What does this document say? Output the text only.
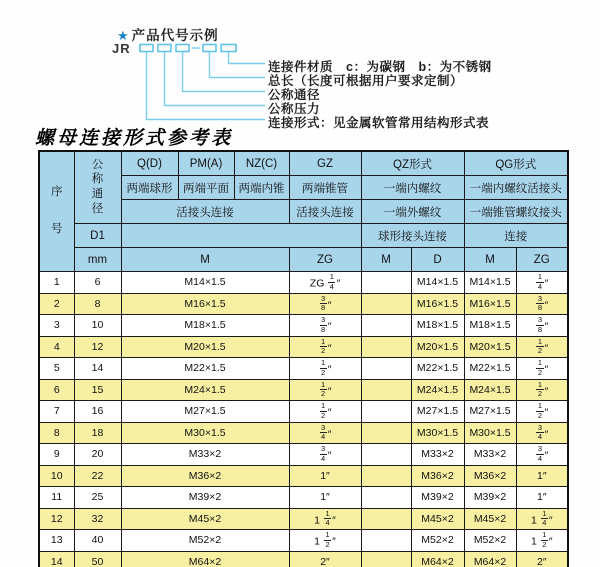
★ 产品代号示例
JR
连接件材质　c：为碳钢　b：为不锈钢
总长（长度可根据用户要求定制）
公称通径
公称压力
连接形式：见金属软管常用结构形式表
螺母连接形式参考表
序
号

公
称
通
径
	Q(D)	PM(A)	NZ(C)	GZ	QZ形式	QG形式
		两端球形	两端平面	两端内锥	两端锥管	一端内螺纹		一端内螺纹活接头	
		活接头连接			活接头连接	一端外螺纹		一端锥管螺纹接头	
	D1					球形接头连接		连接	
	mm	M			ZG	M	D	M	ZG
1	6	M14×1.5			ZG $\frac{1}{4}$ ″		M14×1.5	M14×1.5	$\frac{1}{4}$ ″
2	8	M16×1.5			$\frac{3}{8}$ ″		M16×1.5	M16×1.5	$\frac{3}{8}$ ″
3	10	M18×1.5			$\frac{3}{8}$ ″		M18×1.5	M18×1.5	$\frac{3}{8}$ ″
4	12	M20×1.5			$\frac{1}{2}$ ″		M20×1.5	M20×1.5	$\frac{1}{2}$ ″
5	14	M22×1.5			$\frac{1}{2}$ ″		M22×1.5	M22×1.5	$\frac{1}{2}$ ″
6	15	M24×1.5			$\frac{1}{2}$ ″		M24×1.5	M24×1.5	$\frac{1}{2}$ ″
7	16	M27×1.5			$\frac{1}{2}$ ″		M27×1.5	M27×1.5	$\frac{1}{2}$ ″
8	18	M30×1.5			$\frac{3}{4}$ ″		M30×1.5	M30×1.5	$\frac{3}{4}$ ″
9	20	M33×2			$\frac{3}{4}$ ″		M33×2	M33×2	$\frac{3}{4}$ ″
10	22	M36×2			1″		M36×2	M36×2	1″
11	25	M39×2			1″		M39×2	M39×2	1″
12	32	M45×2			$1 \frac{1}{4}$ ″		M45×2	M45×2	$1 \frac{1}{4}$ ″
13	40	M52×2			$1 \frac{1}{2}$ ″		M52×2	M52×2	$1 \frac{1}{2}$ ″
14	50	M64×2			2″		M64×2	M64×2	2″
